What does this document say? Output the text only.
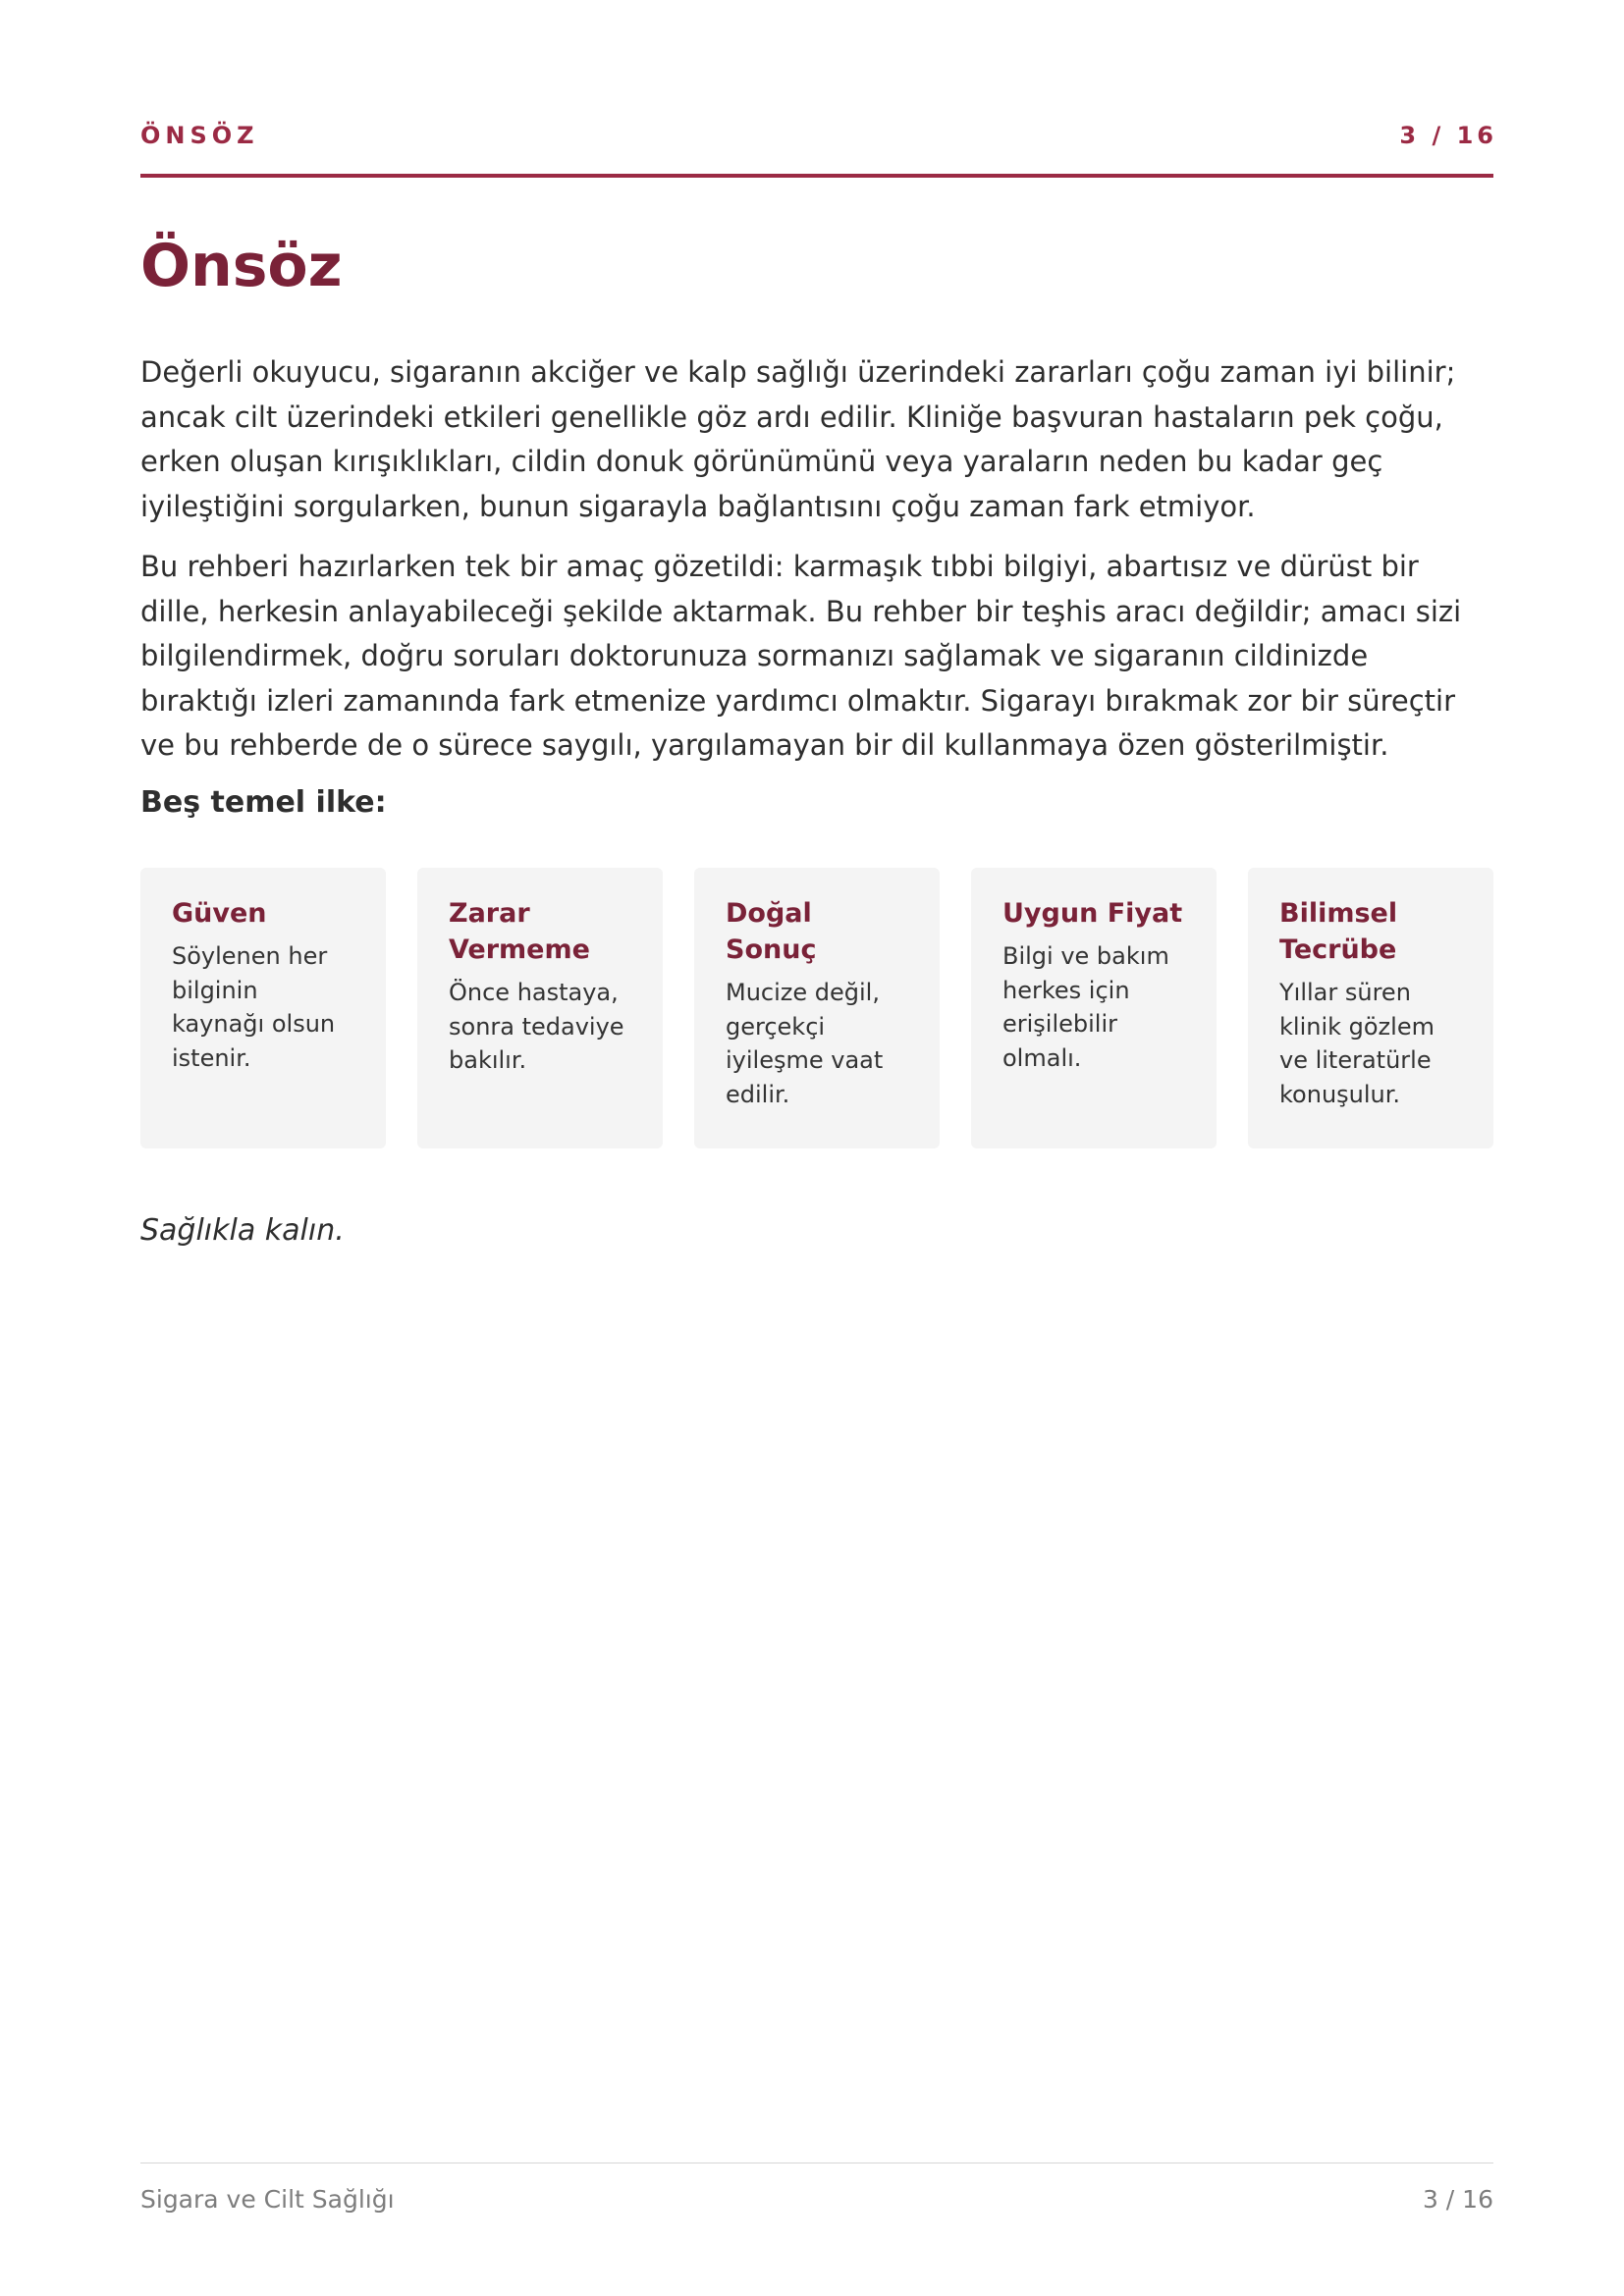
ÖNSÖZ	3 / 16
Önsöz

Değerli okuyucu, sigaranın akciğer ve kalp sağlığı üzerindeki zararları çoğu zaman iyi bilinir; ancak cilt üzerindeki etkileri genellikle göz ardı edilir. Kliniğe başvuran hastaların pek çoğu, erken oluşan kırışıklıkları, cildin donuk görünümünü veya yaraların neden bu kadar geç iyileştiğini sorgularken, bunun sigarayla bağlantısını çoğu zaman fark etmiyor.

Bu rehberi hazırlarken tek bir amaç gözetildi: karmaşık tıbbi bilgiyi, abartısız ve dürüst bir dille, herkesin anlayabileceği şekilde aktarmak. Bu rehber bir teşhis aracı değildir; amacı sizi bilgilendirmek, doğru soruları doktorunuza sormanızı sağlamak ve sigaranın cildinizde bıraktığı izleri zamanında fark etmenize yardımcı olmaktır. Sigarayı bırakmak zor bir süreçtir ve bu rehberde de o sürece saygılı, yargılamayan bir dil kullanmaya özen gösterilmiştir.

Beş temel ilke:
Güven
Söylenen her bilginin kaynağı olsun istenir.
Zarar Vermeme
Önce hastaya, sonra tedaviye bakılır.
Doğal Sonuç
Mucize değil, gerçekçi iyileşme vaat edilir.
Uygun Fiyat
Bilgi ve bakım herkes için erişilebilir olmalı.
Bilimsel Tecrübe
Yıllar süren klinik gözlem ve literatürle konuşulur.
Sağlıkla kalın.
Sigara ve Cilt Sağlığı	3 / 16
